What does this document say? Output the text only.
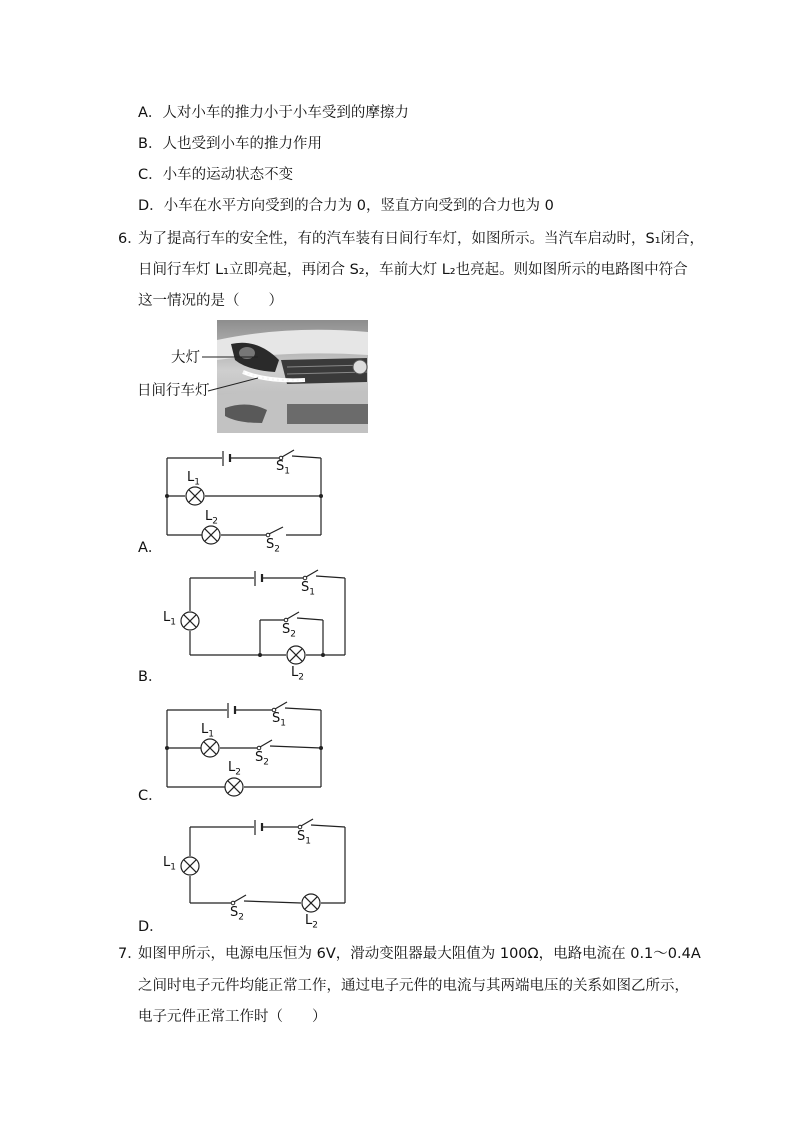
A．人对小车的推力小于小车受到的摩擦力
B．人也受到小车的推力作用
C．小车的运动状态不变
D．小车在水平方向受到的合力为 0，竖直方向受到的合力也为 0
6．
为了提高行车的安全性，有的汽车装有日间行车灯，如图所示。当汽车启动时，S₁闭合，
日间行车灯 L₁立即亮起，再闭合 S₂，车前大灯 L₂也亮起。则如图所示的电路图中符合
这一情况的是（　　）
大灯
日间行车灯
$L_1$
$L_2$
$S_1$
$S_2$
A．
$L_1$
$L_2$
$S_1$
$S_2$
B．
$L_1$
$L_2$
$S_1$
$S_2$
C．
$L_1$
$L_2$
$S_1$
$S_2$
D．
7．
如图甲所示，电源电压恒为 6V，滑动变阻器最大阻值为 100Ω，电路电流在 0.1～0.4A
之间时电子元件均能正常工作，通过电子元件的电流与其两端电压的关系如图乙所示，
电子元件正常工作时（　　）
